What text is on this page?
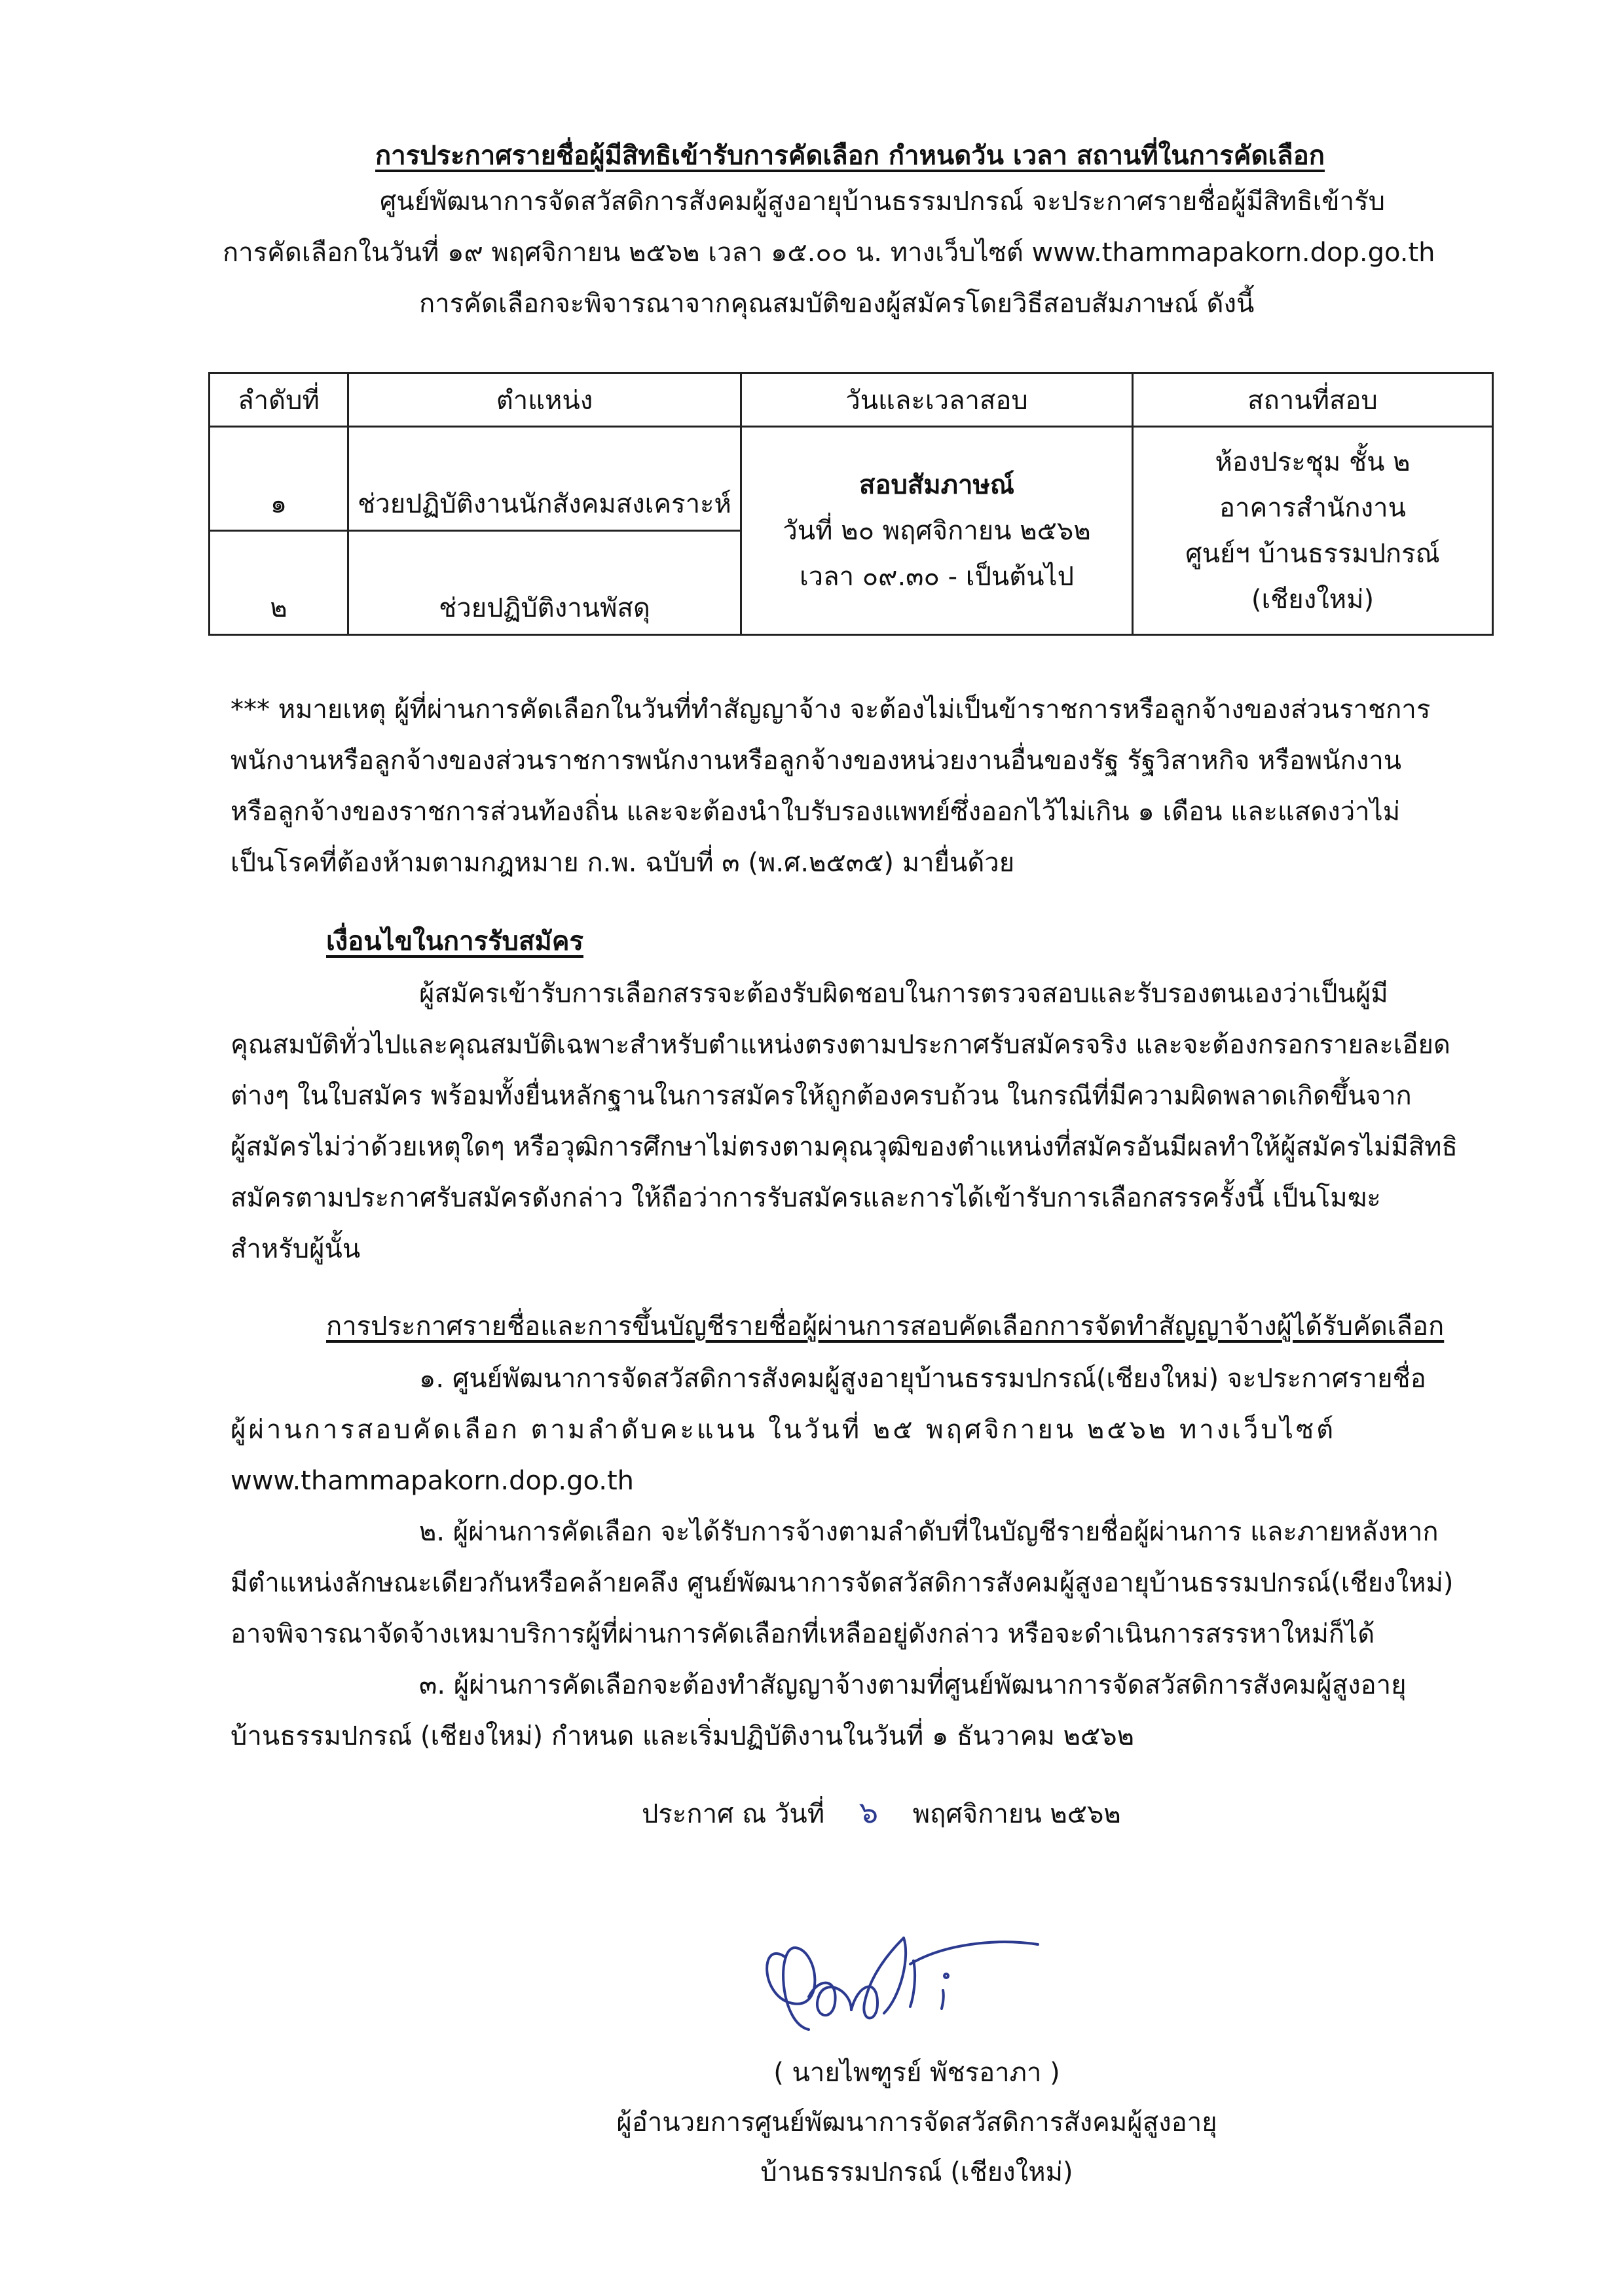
การประกาศรายชื่อผู้มีสิทธิเข้ารับการคัดเลือก กำหนดวัน เวลา สถานที่ในการคัดเลือก
ศูนย์พัฒนาการจัดสวัสดิการสังคมผู้สูงอายุบ้านธรรมปกรณ์ จะประกาศรายชื่อผู้มีสิทธิเข้ารับ
การคัดเลือกในวันที่ ๑๙ พฤศจิกายน ๒๕๖๒ เวลา ๑๕.๐๐ น. ทางเว็บไซต์ www.thammapakorn.dop.go.th
การคัดเลือกจะพิจารณาจากคุณสมบัติของผู้สมัครโดยวิธีสอบสัมภาษณ์ ดังนี้
ลำดับที่	ตำแหน่ง	วันและเวลาสอบ	สถานที่สอบ

๑	ช่วยปฏิบัติงานนักสังคมสงเคราะห์	สอบสัมภาษณ์
วันที่ ๒๐ พฤศจิกายน ๒๕๖๒
เวลา ๐๙.๓๐ - เป็นต้นไป	ห้องประชุม ชั้น ๒
อาคารสำนักงาน
ศูนย์ฯ บ้านธรรมปกรณ์
(เชียงใหม่)

๒	ช่วยปฏิบัติงานพัสดุ		
*** หมายเหตุ ผู้ที่ผ่านการคัดเลือกในวันที่ทำสัญญาจ้าง จะต้องไม่เป็นข้าราชการหรือลูกจ้างของส่วนราชการ
พนักงานหรือลูกจ้างของส่วนราชการพนักงานหรือลูกจ้างของหน่วยงานอื่นของรัฐ รัฐวิสาหกิจ หรือพนักงาน
หรือลูกจ้างของราชการส่วนท้องถิ่น และจะต้องนำใบรับรองแพทย์ซึ่งออกไว้ไม่เกิน ๑ เดือน และแสดงว่าไม่
เป็นโรคที่ต้องห้ามตามกฎหมาย ก.พ. ฉบับที่ ๓ (พ.ศ.๒๕๓๕) มายื่นด้วย
เงื่อนไขในการรับสมัคร
ผู้สมัครเข้ารับการเลือกสรรจะต้องรับผิดชอบในการตรวจสอบและรับรองตนเองว่าเป็นผู้มี
คุณสมบัติทั่วไปและคุณสมบัติเฉพาะสำหรับตำแหน่งตรงตามประกาศรับสมัครจริง และจะต้องกรอกรายละเอียด
ต่างๆ ในใบสมัคร พร้อมทั้งยื่นหลักฐานในการสมัครให้ถูกต้องครบถ้วน ในกรณีที่มีความผิดพลาดเกิดขึ้นจาก
ผู้สมัครไม่ว่าด้วยเหตุใดๆ หรือวุฒิการศึกษาไม่ตรงตามคุณวุฒิของตำแหน่งที่สมัครอันมีผลทำให้ผู้สมัครไม่มีสิทธิ
สมัครตามประกาศรับสมัครดังกล่าว ให้ถือว่าการรับสมัครและการได้เข้ารับการเลือกสรรครั้งนี้ เป็นโมฆะ
สำหรับผู้นั้น
การประกาศรายชื่อและการขึ้นบัญชีรายชื่อผู้ผ่านการสอบคัดเลือกการจัดทำสัญญาจ้างผู้ได้รับคัดเลือก
๑. ศูนย์พัฒนาการจัดสวัสดิการสังคมผู้สูงอายุบ้านธรรมปกรณ์(เชียงใหม่) จะประกาศรายชื่อ
ผู้ผ่านการสอบคัดเลือก ตามลำดับคะแนน ในวันที่ ๒๕ พฤศจิกายน ๒๕๖๒ ทางเว็บไซต์
www.thammapakorn.dop.go.th
๒. ผู้ผ่านการคัดเลือก จะได้รับการจ้างตามลำดับที่ในบัญชีรายชื่อผู้ผ่านการ และภายหลังหาก
มีตำแหน่งลักษณะเดียวกันหรือคล้ายคลึง ศูนย์พัฒนาการจัดสวัสดิการสังคมผู้สูงอายุบ้านธรรมปกรณ์(เชียงใหม่)
อาจพิจารณาจัดจ้างเหมาบริการผู้ที่ผ่านการคัดเลือกที่เหลืออยู่ดังกล่าว หรือจะดำเนินการสรรหาใหม่ก็ได้
๓. ผู้ผ่านการคัดเลือกจะต้องทำสัญญาจ้างตามที่ศูนย์พัฒนาการจัดสวัสดิการสังคมผู้สูงอายุ
บ้านธรรมปกรณ์ (เชียงใหม่) กำหนด และเริ่มปฏิบัติงานในวันที่ ๑ ธันวาคม ๒๕๖๒
ประกาศ ณ วันที่ ๖ พฤศจิกายน ๒๕๖๒
( นายไพฑูรย์ พัชรอาภา )
ผู้อำนวยการศูนย์พัฒนาการจัดสวัสดิการสังคมผู้สูงอายุ
บ้านธรรมปกรณ์ (เชียงใหม่)
